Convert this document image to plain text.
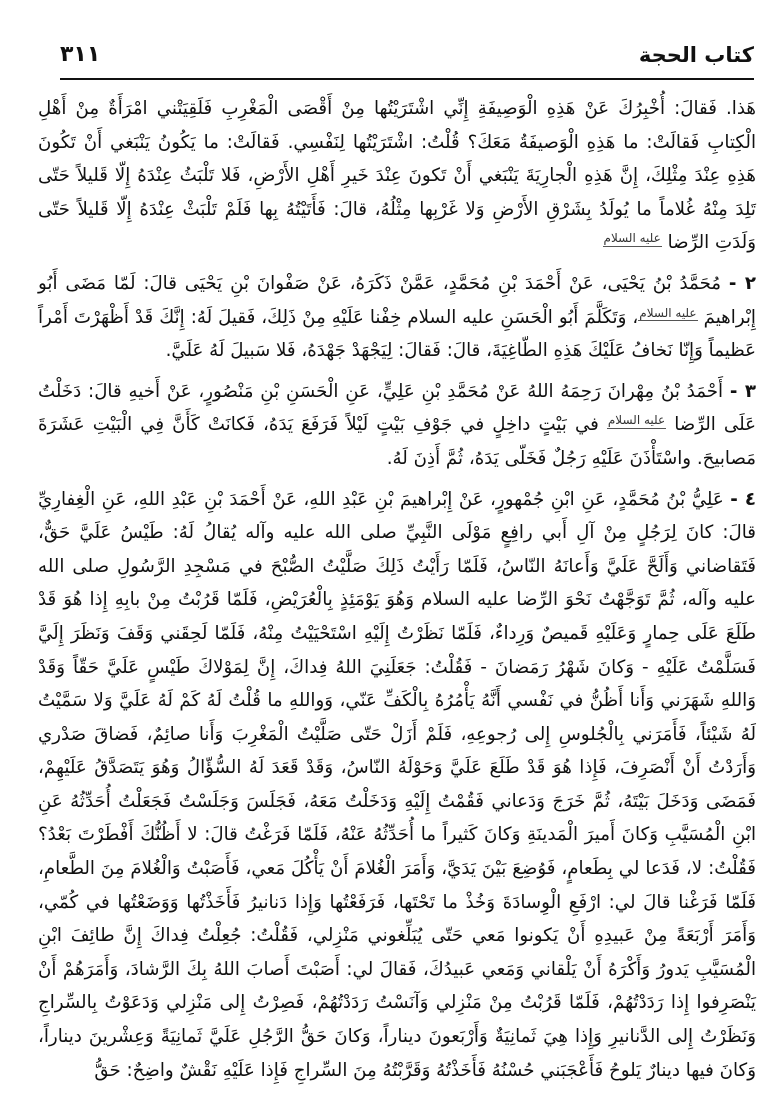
٣١١	كتاب الحجة

هَذا. فَقالَ: أُخْبِرُكَ عَنْ هَذِهِ الْوَصِيفَةِ إِنِّي اشْتَرَيْتُها مِنْ أَقْصَى الْمَغْرِبِ فَلَقِيَتْني امْرَأَةٌ مِنْ أَهْلِ الْكِتابِ فَقالَتْ: ما هَذِهِ الْوَصيفَةُ مَعَكَ؟ قُلْتُ: اشْتَرَيْتُها لِنَفْسِي. فَقالَتْ: ما يَكُونُ يَنْبَغي أَنْ تَكُونَ هَذِهِ عِنْدَ مِثْلِكَ، إِنَّ هَذِهِ الْجارِيَةَ يَنْبَغي أَنْ تَكونَ عِنْدَ خَيرِ أَهْلِ الأَرْضِ، فَلا تَلْبَثُ عِنْدَهُ إِلّا قَليلاً حَتّى تَلِدَ مِنْهُ غُلاماً ما يُولَدُ بِشَرْقِ الأَرْضِ وَلا غَرْبِها مِثْلُهُ، قالَ: فَأَتَيْتُهُ بِها فَلَمْ تَلْبَثْ عِنْدَهُ إِلّا قَليلاً حَتّى وَلَدَتِ الرِّضا عليه السلام

٢ - مُحَمَّدُ بْنُ يَحْيَى، عَنْ أَحْمَدَ بْنِ مُحَمَّدٍ، عَمَّنْ ذَكَرَهُ، عَنْ صَفْوانَ بْنِ يَحْيَى قالَ: لَمّا مَضَى أَبُو إِبْراهيمَ عليه السلام، وَتَكَلَّمَ أَبُو الْحَسَنِ عليه السلام خِفْنا عَلَيْهِ مِنْ ذَلِكَ، فَقيلَ لَهُ: إِنَّكَ قَدْ أَظْهَرْتَ أَمْراً عَظيماً وَإِنّا نَخافُ عَلَيْكَ هَذِهِ الطّاغِيَةَ، قالَ: فَقالَ: لِيَجْهَدْ جَهْدَهُ، فَلا سَبيلَ لَهُ عَلَيَّ.

٣ - أَحْمَدُ بْنُ مِهْرانَ رَحِمَهُ اللهُ عَنْ مُحَمَّدِ بْنِ عَلِيٍّ، عَنِ الْحَسَنِ بْنِ مَنْصُورٍ، عَنْ أَخيهِ قالَ: دَخَلْتُ عَلَى الرِّضا عليه السلام في بَيْتٍ داخِلٍ في جَوْفِ بَيْتٍ لَيْلاً فَرَفَعَ يَدَهُ، فَكانَتْ كَأَنَّ فِي الْبَيْتِ عَشَرَةَ مَصابيحَ. واسْتَأْذَنَ عَلَيْهِ رَجُلٌ فَخَلّى يَدَهُ، ثُمَّ أَذِنَ لَهُ.

٤ - عَلِيُّ بْنُ مُحَمَّدٍ، عَنِ ابْنِ جُمْهورٍ، عَنْ إِبْراهيمَ بْنِ عَبْدِ اللهِ، عَنْ أَحْمَدَ بْنِ عَبْدِ اللهِ، عَنِ الْغِفارِيِّ قالَ: كانَ لِرَجُلٍ مِنْ آلِ أَبي رافِعٍ مَوْلَى النَّبِيِّ صلى الله عليه وآله يُقالُ لَهُ: طَيْسُ عَلَيَّ حَقٌّ، فَتَقاضاني وَأَلَحَّ عَلَيَّ وَأَعانَهُ النّاسُ، فَلَمّا رَأَيْتُ ذَلِكَ صَلَّيْتُ الصُّبْحَ في مَسْجِدِ الرَّسُولِ صلى الله عليه وآله، ثُمَّ تَوَجَّهْتُ نَحْوَ الرِّضا عليه السلام وَهُوَ يَوْمَئِذٍ بِالْعُرَيْضِ، فَلَمّا قَرُبْتُ مِنْ بابِهِ إِذا هُوَ قَدْ طَلَعَ عَلَى حِمارٍ وَعَلَيْهِ قَميصٌ وَرِداءٌ، فَلَمّا نَظَرْتُ إِلَيْهِ اسْتَحْيَيْتُ مِنْهُ، فَلَمّا لَحِقَني وَقَفَ وَنَظَرَ إِلَيَّ فَسَلَّمْتُ عَلَيْهِ - وَكانَ شَهْرُ رَمَضانَ - فَقُلْتُ: جَعَلَنِيَ اللهُ فِداكَ، إِنَّ لِمَوْلاكَ طَيْسٍ عَلَيَّ حَقّاً وَقَدْ وَاللهِ شَهَرَني وَأَنا أَظُنُّ في نَفْسي أَنَّهُ يَأْمُرُهُ بِالْكَفِّ عَنّي، وَواللهِ ما قُلْتُ لَهُ كَمْ لَهُ عَلَيَّ وَلا سَمَّيْتُ لَهُ شَيْئاً، فَأَمَرَني بِالْجُلوسِ إِلى رُجوعِهِ، فَلَمْ أَزَلْ حَتّى صَلَّيْتُ الْمَغْرِبَ وَأَنا صائِمٌ، فَضاقَ صَدْري وَأَرَدْتُ أَنْ أَنْصَرِفَ، فَإِذا هُوَ قَدْ طَلَعَ عَلَيَّ وَحَوْلَهُ النّاسُ، وَقَدْ قَعَدَ لَهُ السُّؤّالُ وَهُوَ يَتَصَدَّقُ عَلَيْهِمْ، فَمَضَى وَدَخَلَ بَيْتَهُ، ثُمَّ خَرَجَ وَدَعاني فَقُمْتُ إِلَيْهِ وَدَخَلْتُ مَعَهُ، فَجَلَسَ وَجَلَسْتُ فَجَعَلْتُ أُحَدِّثُهُ عَنِ ابْنِ الْمُسَيَّبِ وَكانَ أَميرَ الْمَدينَةِ وَكانَ كَثيراً ما أُحَدِّثُهُ عَنْهُ، فَلَمّا فَرَغْتُ قالَ: لا أَظُنُّكَ أَفْطَرْتَ بَعْدُ؟ فَقُلْتُ: لا، فَدَعا لي بِطَعامٍ، فَوُضِعَ بَيْنَ يَدَيَّ، وَأَمَرَ الْغُلامَ أَنْ يَأْكُلَ مَعي، فَأَصَبْتُ وَالْغُلامَ مِنَ الطَّعامِ، فَلَمّا فَرَغْنا قالَ لي: ارْفَعِ الْوِسادَةَ وَخُذْ ما تَحْتَها، فَرَفَعْتُها وَإِذا دَنانيرُ فَأَخَذْتُها وَوَضَعْتُها في كُمّي، وَأَمَرَ أَرْبَعَةً مِنْ عَبيدِهِ أَنْ يَكونوا مَعي حَتّى يُبَلِّغوني مَنْزِلي، فَقُلْتُ: جُعِلْتُ فِداكَ إِنَّ طائِفَ ابْنِ الْمُسَيَّبِ يَدورُ وَأَكْرَهُ أَنْ يَلْقاني وَمَعي عَبيدُكَ، فَقالَ لي: أَصَبْتَ أَصابَ اللهُ بِكَ الرَّشادَ، وَأَمَرَهُمْ أَنْ يَنْصَرِفوا إِذا رَدَدْتُهُمْ، فَلَمّا قَرُبْتُ مِنْ مَنْزِلي وَآنَسْتُ رَدَدْتُهُمْ، فَصِرْتُ إِلى مَنْزِلي وَدَعَوْتُ بِالسِّراجِ وَنَظَرْتُ إِلى الدَّنانيرِ وَإِذا هِيَ ثَمانِيَةٌ وَأَرْبَعونَ ديناراً، وَكانَ حَقُّ الرَّجُلِ عَلَيَّ ثَمانِيَةً وَعِشْرينَ ديناراً، وَكانَ فيها دينارٌ يَلوحُ فَأَعْجَبَني حُسْنُهُ فَأَخَذْتُهُ وَقَرَّبْتُهُ مِنَ السِّراجِ فَإِذا عَلَيْهِ نَقْشٌ واضِحٌ: حَقُّ
